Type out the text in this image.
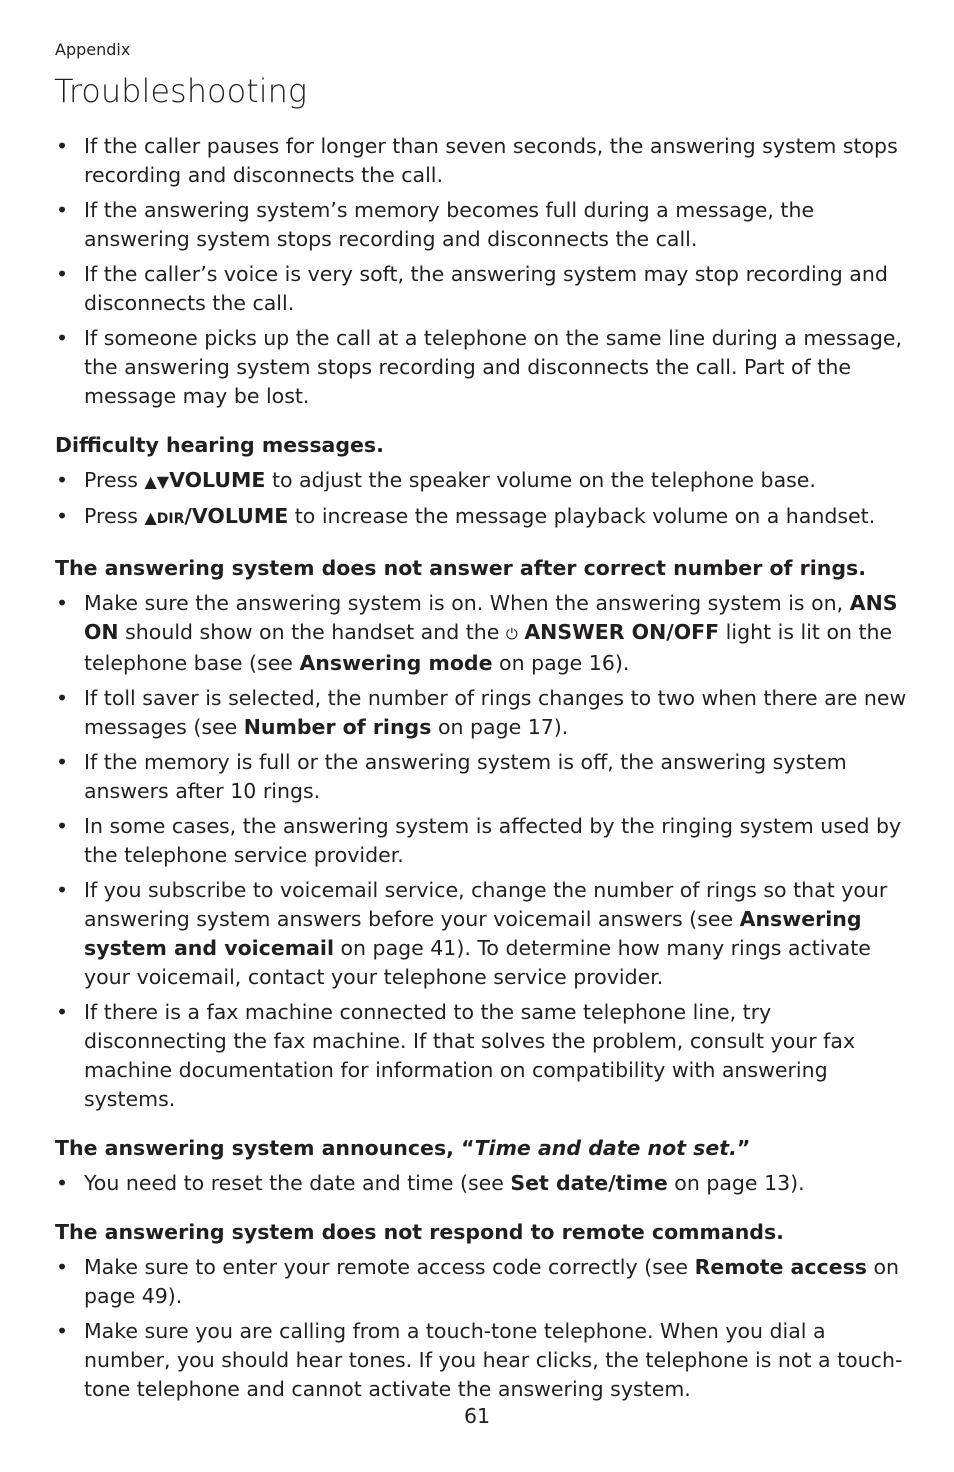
Appendix
Troubleshooting
• If the caller pauses for longer than seven seconds, the answering system stops recording and disconnects the call.
• If the answering system’s memory becomes full during a message, the answering system stops recording and disconnects the call.
• If the caller’s voice is very soft, the answering system may stop recording and disconnects the call.
• If someone picks up the call at a telephone on the same line during a message, the answering system stops recording and disconnects the call. Part of the message may be lost.
Difficulty hearing messages.
• Press ▲▼VOLUME to adjust the speaker volume on the telephone base.
• Press ▲DIR/VOLUME to increase the message playback volume on a handset.
The answering system does not answer after correct number of rings.
• Make sure the answering system is on. When the answering system is on, ANS ON should show on the handset and the ⏻ ANSWER ON/OFF light is lit on the telephone base (see Answering mode on page 16).
• If toll saver is selected, the number of rings changes to two when there are new messages (see Number of rings on page 17).
• If the memory is full or the answering system is off, the answering system answers after 10 rings.
• In some cases, the answering system is affected by the ringing system used by the telephone service provider.
• If you subscribe to voicemail service, change the number of rings so that your answering system answers before your voicemail answers (see Answering system and voicemail on page 41). To determine how many rings activate your voicemail, contact your telephone service provider.
• If there is a fax machine connected to the same telephone line, try disconnecting the fax machine. If that solves the problem, consult your fax machine documentation for information on compatibility with answering systems.
The answering system announces, “Time and date not set.”
• You need to reset the date and time (see Set date/time on page 13).
The answering system does not respond to remote commands.
• Make sure to enter your remote access code correctly (see Remote access on page 49).
• Make sure you are calling from a touch-tone telephone. When you dial a number, you should hear tones. If you hear clicks, the telephone is not a touch-tone telephone and cannot activate the answering system.
61
